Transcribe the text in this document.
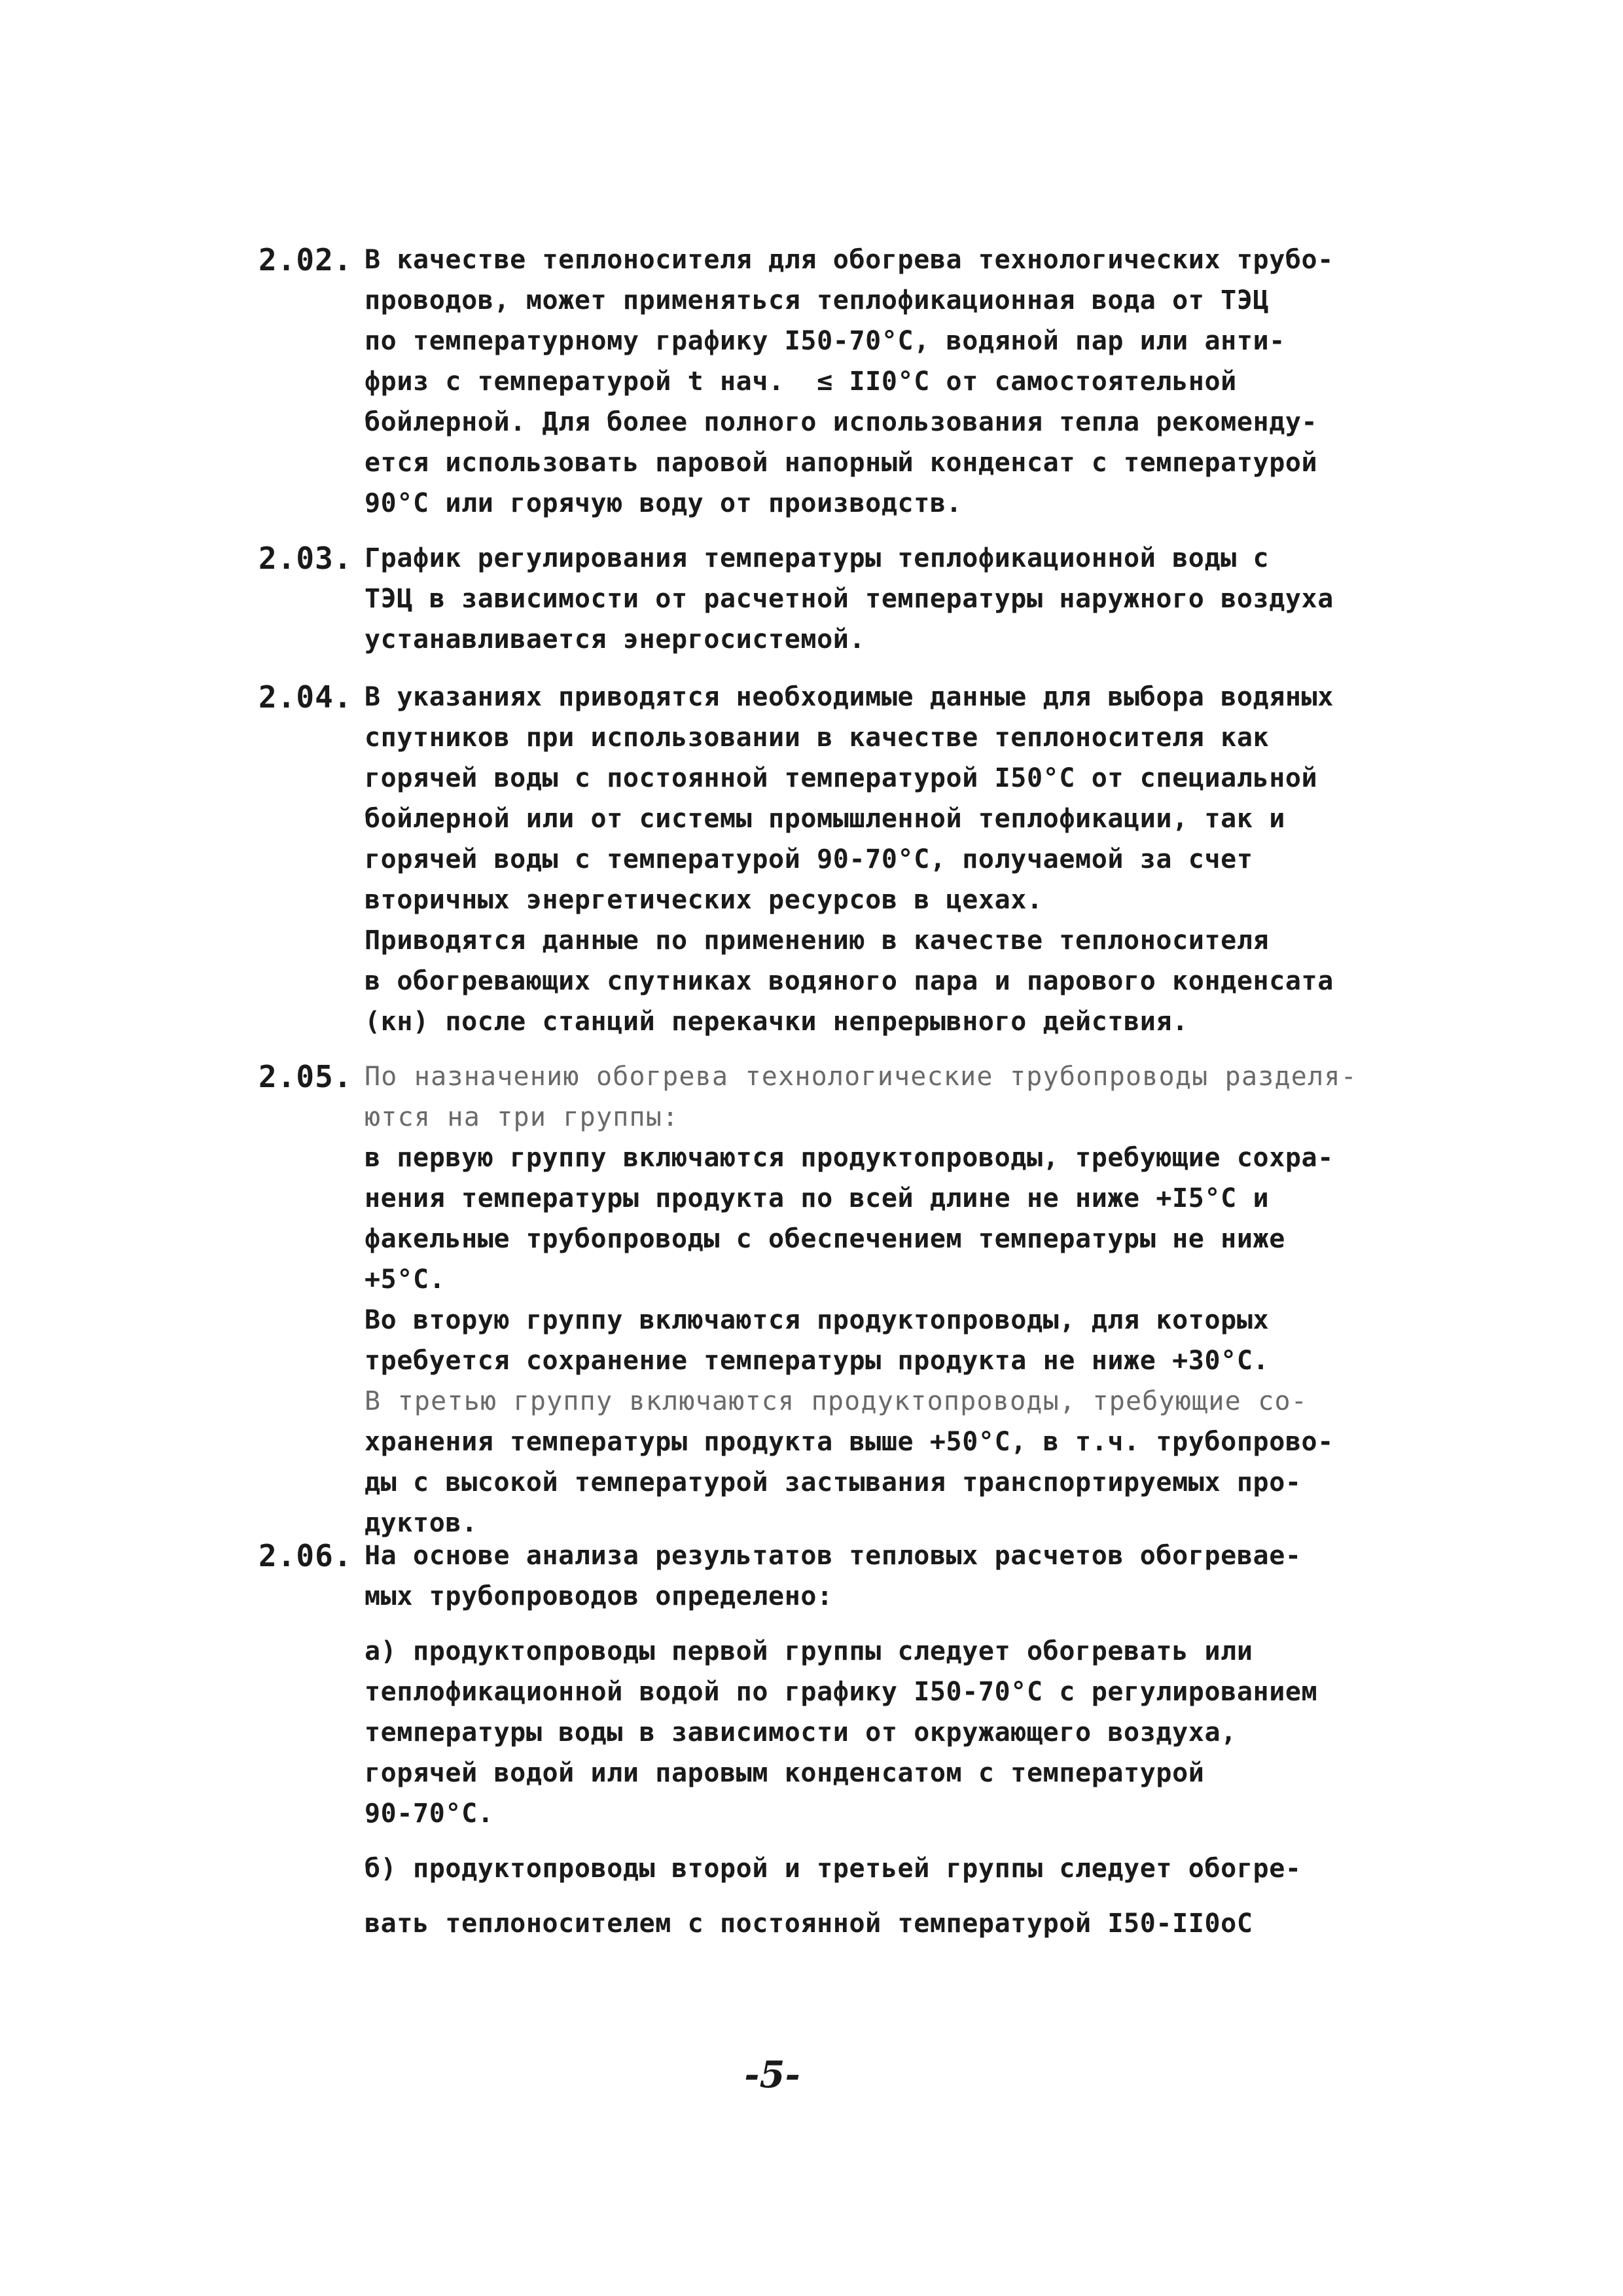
2.02. В качестве теплоносителя для обогрева технологических трубо-
проводов, может применяться теплофикационная вода от ТЭЦ
по температурному графику I50-70°C, водяной пар или анти-
фриз с температурой t нач.  ≤ II0°C от самостоятельной
бойлерной. Для более полного использования тепла рекоменду-
ется использовать паровой напорный конденсат с температурой
90°C или горячую воду от производств.
2.03. График регулирования температуры теплофикационной воды с
ТЭЦ в зависимости от расчетной температуры наружного воздуха
устанавливается энергосистемой.
2.04. В указаниях приводятся необходимые данные для выбора водяных
спутников при использовании в качестве теплоносителя как
горячей воды с постоянной температурой I50°C от специальной
бойлерной или от системы промышленной теплофикации, так и
горячей воды с температурой 90-70°C, получаемой за счет
вторичных энергетических ресурсов в цехах.
Приводятся данные по применению в качестве теплоносителя
в обогревающих спутниках водяного пара и парового конденсата
(кн) после станций перекачки непрерывного действия.
2.05. По назначению обогрева технологические трубопроводы разделя-
ются на три группы:
в первую группу включаются продуктопроводы, требующие сохра-
нения температуры продукта по всей длине не ниже +I5°C и
факельные трубопроводы с обеспечением температуры не ниже
+5°C.
Во вторую группу включаются продуктопроводы, для которых
требуется сохранение температуры продукта не ниже +30°C.
В третью группу включаются продуктопроводы, требующие со-
хранения температуры продукта выше +50°C, в т.ч. трубопрово-
ды с высокой температурой застывания транспортируемых про-
дуктов.
2.06. На основе анализа результатов тепловых расчетов обогревае-
мых трубопроводов определено:
а) продуктопроводы первой группы следует обогревать или
теплофикационной водой по графику I50-70°C с регулированием
температуры воды в зависимости от окружающего воздуха,
горячей водой или паровым конденсатом с температурой
90-70°C.
б) продуктопроводы второй и третьей группы следует обогре-
вать теплоносителем с постоянной температурой I50-II0oC
-5-
